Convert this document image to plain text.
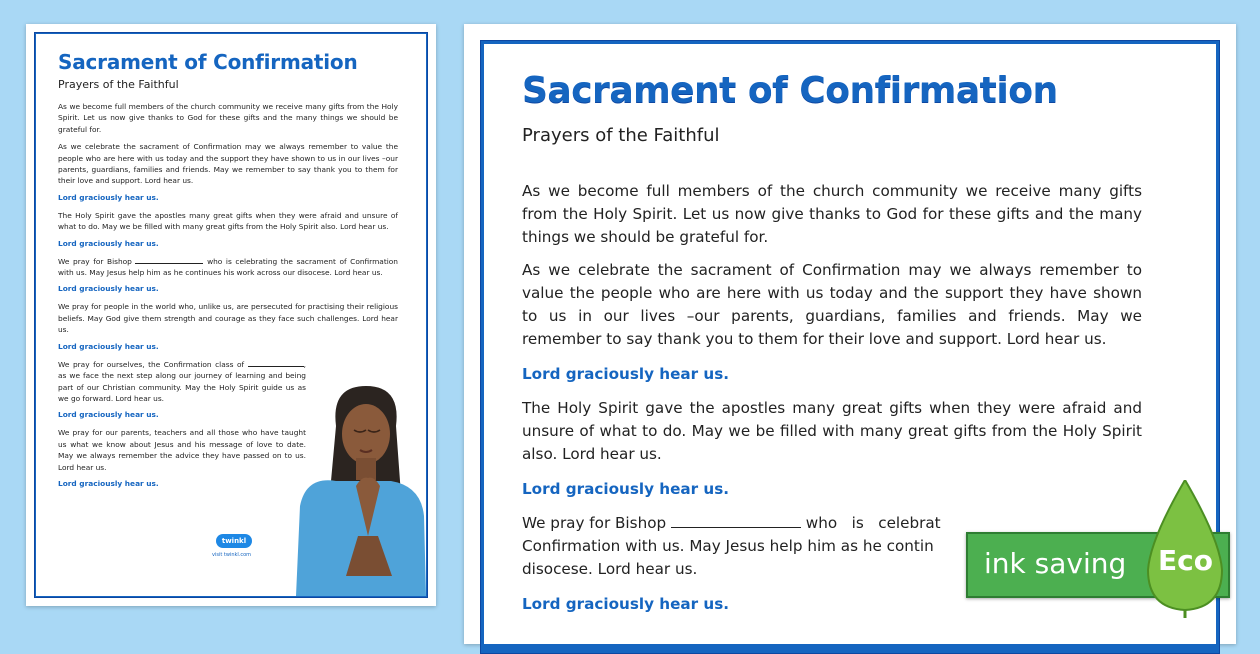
Sacrament of Confirmation
Prayers of the Faithful
As we become full members of the church community we receive many gifts from the Holy Spirit. Let us now give thanks to God for these gifts and the many things we should be grateful for.
As we celebrate the sacrament of Confirmation may we always remember to value the people who are here with us today and the support they have shown to us in our lives –our parents, guardians, families and friends. May we remember to say thank you to them for their love and support. Lord hear us.
Lord graciously hear us.
The Holy Spirit gave the apostles many great gifts when they were afraid and unsure of what to do. May we be filled with many great gifts from the Holy Spirit also. Lord hear us.
Lord graciously hear us.
We pray for Bishop	who is celebrating the sacrament of Confirmation with us. May Jesus help him as he continues his work across our disocese. Lord hear us.
Lord graciously hear us.
We pray for people in the world who, unlike us, are persecuted for practising their religious beliefs. May God give them strength and courage as they face such challenges. Lord hear us.
Lord graciously hear us.
We pray for ourselves, the Confirmation class of	, as we face the next step along our journey of learning and being part of our Christian community. May the Holy Spirit guide us as we go forward. Lord hear us.
Lord graciously hear us.
We pray for our parents, teachers and all those who have taught us what we know about Jesus and his message of love to date. May we always remember the advice they have passed on to us. Lord hear us.
Lord graciously hear us.
twinkl
visit twinkl.com
Sacrament of Confirmation
Prayers of the Faithful
As we become full members of the church community we receive many gifts from the Holy Spirit. Let us now give thanks to God for these gifts and the many things we should be grateful for.
As we celebrate the sacrament of Confirmation may we always remember to value the people who are here with us today and the support they have shown to us in our lives –our parents, guardians, families and friends. May we remember to say thank you to them for their love and support. Lord hear us.
Lord graciously hear us.
The Holy Spirit gave the apostles many great gifts when they were afraid and unsure of what to do. May we be filled with many great gifts from the Holy Spirit also. Lord hear us.
Lord graciously hear us.
We pray for Bishop	who   is   celebrat
Confirmation with us. May Jesus help him as he contin
disocese. Lord hear us.
Lord graciously hear us.
ink saving Eco
